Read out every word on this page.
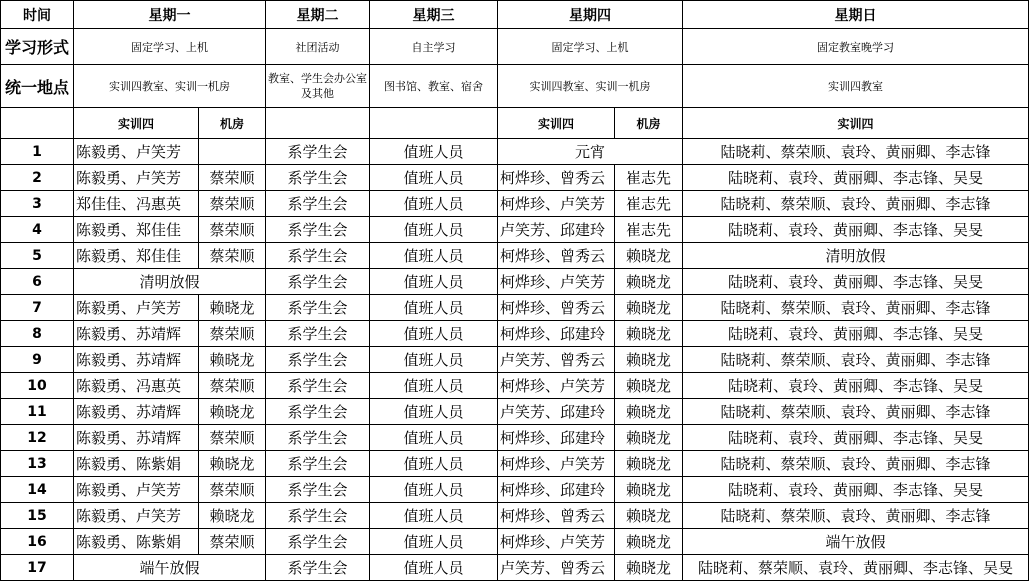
时间	星期一		星期二	星期三	星期四		星期日
学习形式	固定学习、上机		社团活动	自主学习	固定学习、上机		固定教室晚学习
统一地点	实训四教室、实训一机房		教室、学生会办公室及其他	图书馆、教室、宿舍	实训四教室、实训一机房		实训四教室
	实训四	机房			实训四	机房	实训四
1	陈毅勇、卢笑芳		系学生会	值班人员	元宵		陆晓莉、蔡荣顺、袁玲、黄丽卿、李志锋
2	陈毅勇、卢笑芳	蔡荣顺	系学生会	值班人员	柯烨珍、曾秀云	崔志先	陆晓莉、袁玲、黄丽卿、李志锋、吴旻
3	郑佳佳、冯惠英	蔡荣顺	系学生会	值班人员	柯烨珍、卢笑芳	崔志先	陆晓莉、蔡荣顺、袁玲、黄丽卿、李志锋
4	陈毅勇、郑佳佳	蔡荣顺	系学生会	值班人员	卢笑芳、邱建玲	崔志先	陆晓莉、袁玲、黄丽卿、李志锋、吴旻
5	陈毅勇、郑佳佳	蔡荣顺	系学生会	值班人员	柯烨珍、曾秀云	赖晓龙	清明放假
6	清明放假		系学生会	值班人员	柯烨珍、卢笑芳	赖晓龙	陆晓莉、袁玲、黄丽卿、李志锋、吴旻
7	陈毅勇、卢笑芳	赖晓龙	系学生会	值班人员	柯烨珍、曾秀云	赖晓龙	陆晓莉、蔡荣顺、袁玲、黄丽卿、李志锋
8	陈毅勇、苏靖辉	蔡荣顺	系学生会	值班人员	柯烨珍、邱建玲	赖晓龙	陆晓莉、袁玲、黄丽卿、李志锋、吴旻
9	陈毅勇、苏靖辉	赖晓龙	系学生会	值班人员	卢笑芳、曾秀云	赖晓龙	陆晓莉、蔡荣顺、袁玲、黄丽卿、李志锋
10	陈毅勇、冯惠英	蔡荣顺	系学生会	值班人员	柯烨珍、卢笑芳	赖晓龙	陆晓莉、袁玲、黄丽卿、李志锋、吴旻
11	陈毅勇、苏靖辉	赖晓龙	系学生会	值班人员	卢笑芳、邱建玲	赖晓龙	陆晓莉、蔡荣顺、袁玲、黄丽卿、李志锋
12	陈毅勇、苏靖辉	蔡荣顺	系学生会	值班人员	柯烨珍、邱建玲	赖晓龙	陆晓莉、袁玲、黄丽卿、李志锋、吴旻
13	陈毅勇、陈紫娟	赖晓龙	系学生会	值班人员	柯烨珍、卢笑芳	赖晓龙	陆晓莉、蔡荣顺、袁玲、黄丽卿、李志锋
14	陈毅勇、卢笑芳	蔡荣顺	系学生会	值班人员	柯烨珍、邱建玲	赖晓龙	陆晓莉、袁玲、黄丽卿、李志锋、吴旻
15	陈毅勇、卢笑芳	赖晓龙	系学生会	值班人员	柯烨珍、曾秀云	赖晓龙	陆晓莉、蔡荣顺、袁玲、黄丽卿、李志锋
16	陈毅勇、陈紫娟	蔡荣顺	系学生会	值班人员	柯烨珍、卢笑芳	赖晓龙	端午放假
17	端午放假		系学生会	值班人员	卢笑芳、曾秀云	赖晓龙	陆晓莉、蔡荣顺、袁玲、黄丽卿、李志锋、吴旻
